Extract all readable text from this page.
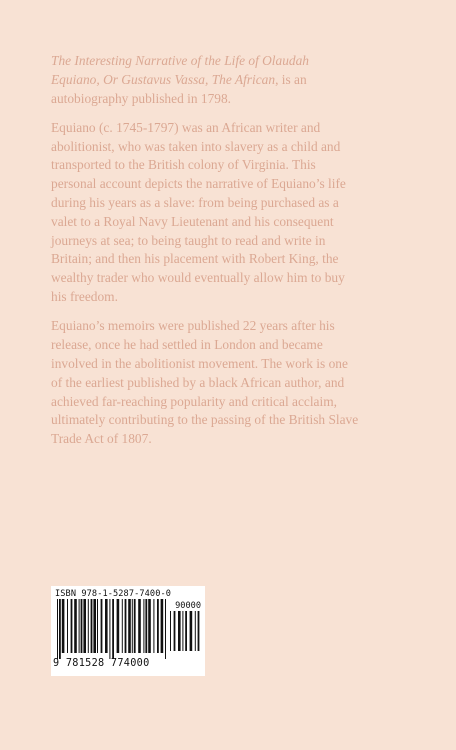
The Interesting Narrative of the Life of Olaudah Equiano, Or Gustavus Vassa, The African, is an autobiography published in 1798.

Equiano (c. 1745-1797) was an African writer and abolitionist, who was taken into slavery as a child and transported to the British colony of Virginia. This personal account depicts the narrative of Equiano’s life during his years as a slave: from being purchased as a valet to a Royal Navy Lieutenant and his consequent journeys at sea; to being taught to read and write in Britain; and then his placement with Robert King, the wealthy trader who would eventually allow him to buy his freedom.

Equiano’s memoirs were published 22 years after his release, once he had settled in London and became involved in the abolitionist movement. The work is one of the earliest published by a black African author, and achieved far-reaching popularity and critical acclaim, ultimately contributing to the passing of the British Slave Trade Act of 1807.

ISBN 978-1-5287-7400-0
90000
9 781528 774000
